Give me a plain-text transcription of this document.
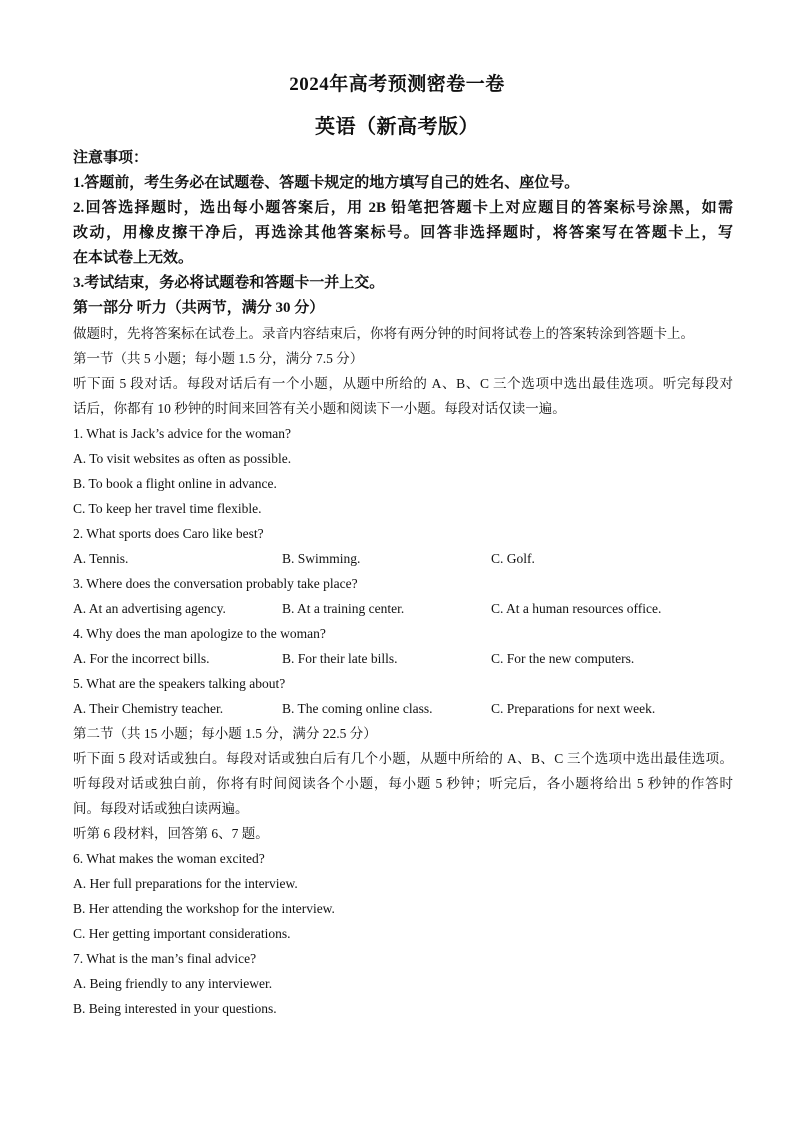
2024年高考预测密卷一卷
英语（新高考版）
注意事项：
1.答题前，考生务必在试题卷、答题卡规定的地方填写自己的姓名、座位号。
2.回答选择题时，选出每小题答案后，用 2B 铅笔把答题卡上对应题目的答案标号涂黑，如需
改动，用橡皮擦干净后，再选涂其他答案标号。回答非选择题时，将答案写在答题卡上，写
在本试卷上无效。
3.考试结束，务必将试题卷和答题卡一并上交。
第一部分 听力（共两节，满分 30 分）
做题时，先将答案标在试卷上。录音内容结束后，你将有两分钟的时间将试卷上的答案转涂到答题卡上。
第一节（共 5 小题；每小题 1.5 分，满分 7.5 分）
听下面 5 段对话。每段对话后有一个小题，从题中所给的 A、B、C 三个选项中选出最佳选项。听完每段对
话后，你都有 10 秒钟的时间来回答有关小题和阅读下一小题。每段对话仅读一遍。
1. What is Jack’s advice for the woman?
A. To visit websites as often as possible.
B. To book a flight online in advance.
C. To keep her travel time flexible.
2. What sports does Caro like best?
A. Tennis.	B. Swimming.	C. Golf.
3. Where does the conversation probably take place?
A. At an advertising agency.	B. At a training center.	C. At a human resources office.
4. Why does the man apologize to the woman?
A. For the incorrect bills.	B. For their late bills.	C. For the new computers.
5. What are the speakers talking about?
A. Their Chemistry teacher.	B. The coming online class.	C. Preparations for next week.
第二节（共 15 小题；每小题 1.5 分，满分 22.5 分）
听下面 5 段对话或独白。每段对话或独白后有几个小题，从题中所给的 A、B、C 三个选项中选出最佳选项。
听每段对话或独白前，你将有时间阅读各个小题，每小题 5 秒钟；听完后，各小题将给出 5 秒钟的作答时
间。每段对话或独白读两遍。
听第 6 段材料，回答第 6、7 题。
6. What makes the woman excited?
A. Her full preparations for the interview.
B. Her attending the workshop for the interview.
C. Her getting important considerations.
7. What is the man’s final advice?
A. Being friendly to any interviewer.
B. Being interested in your questions.
